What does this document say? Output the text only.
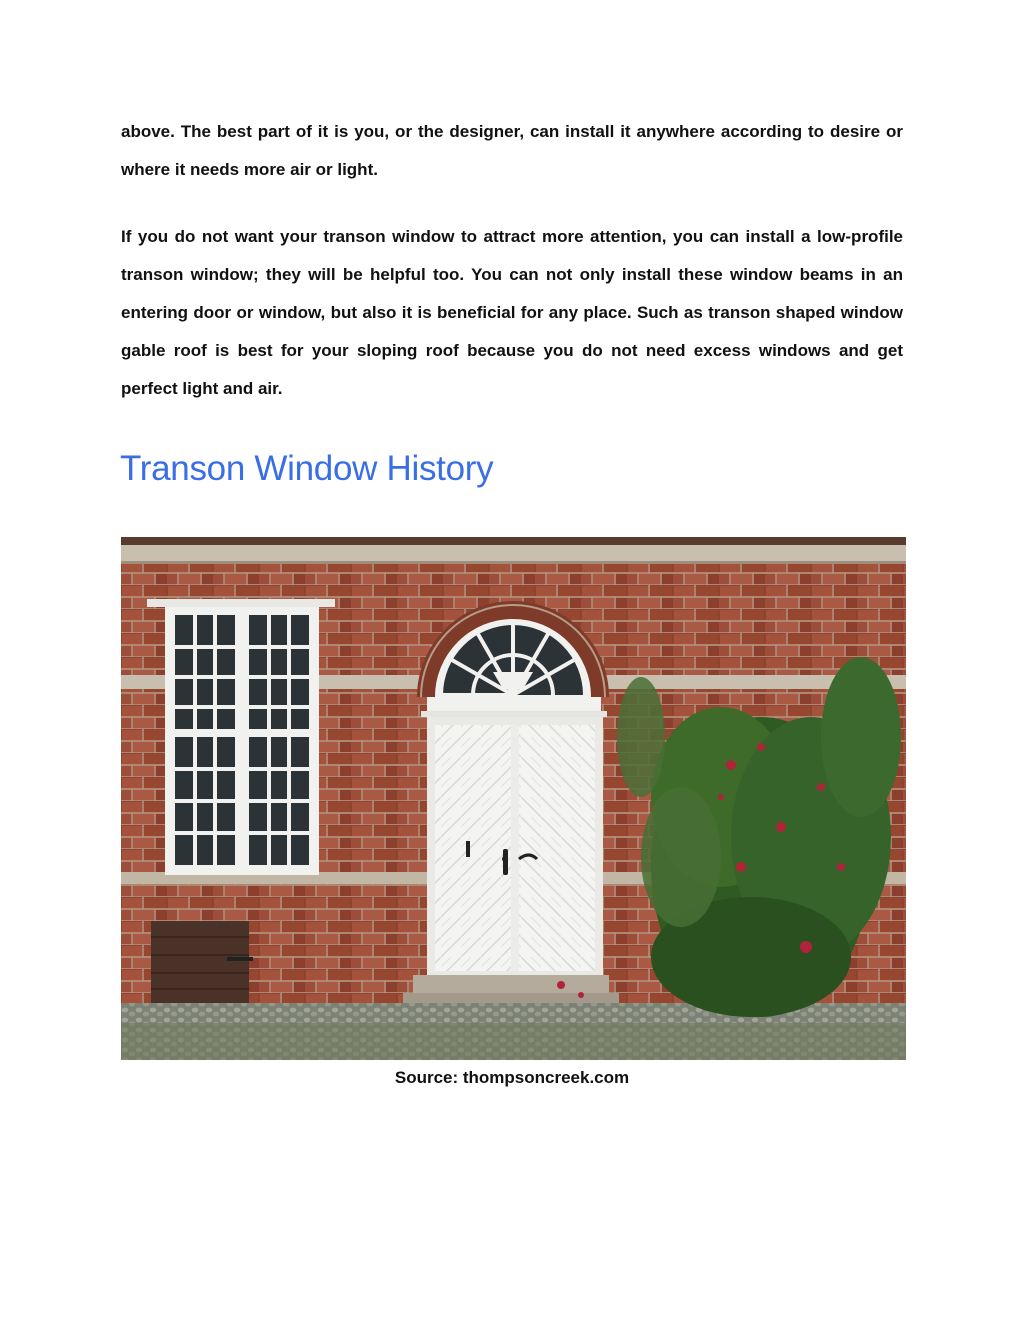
above. The best part of it is you, or the designer, can install it anywhere according to desire or where it needs more air or light.

If you do not want your transon window to attract more attention, you can install a low-profile transon window; they will be helpful too. You can not only install these window beams in an entering door or window, but also it is beneficial for any place. Such as transon shaped window gable roof is best for your sloping roof because you do not need excess windows and get perfect light and air.

Transon Window History

Source: thompsoncreek.com
